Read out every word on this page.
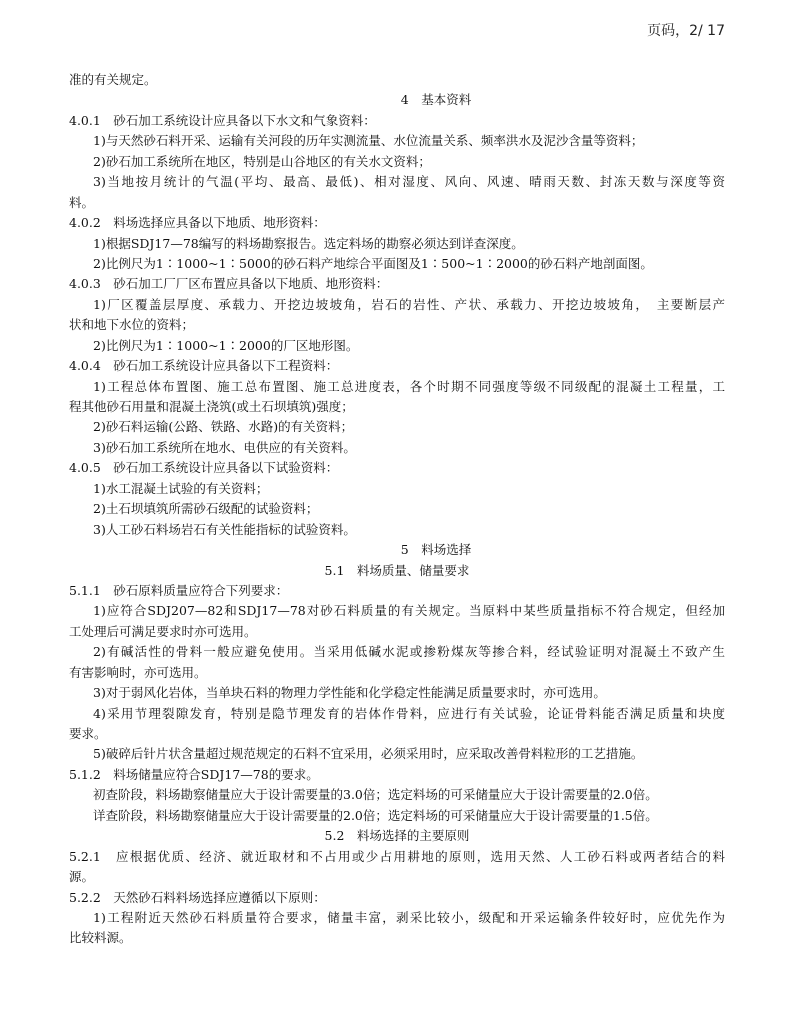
页码，2/ 17
准的有关规定。
4　基本资料
4.0.1　砂石加工系统设计应具备以下水文和气象资料：
1)与天然砂石料开采、运输有关河段的历年实测流量、水位流量关系、频率洪水及泥沙含量等资料；
2)砂石加工系统所在地区，特别是山谷地区的有关水文资料；
3)当地按月统计的气温(平均、最高、最低)、相对湿度、风向、风速、晴雨天数、封冻天数与深度等资
料。
4.0.2　料场选择应具备以下地质、地形资料：
1)根据SDJ17—78编写的料场勘察报告。选定料场的勘察必须达到详查深度。
2)比例尺为1∶1000~1∶5000的砂石料产地综合平面图及1∶500~1∶2000的砂石料产地剖面图。
4.0.3　砂石加工厂厂区布置应具备以下地质、地形资料：
1)厂区覆盖层厚度、承载力、开挖边坡坡角，岩石的岩性、产状、承载力、开挖边坡坡角，　主要断层产
状和地下水位的资料；
2)比例尺为1∶1000~1∶2000的厂区地形图。
4.0.4　砂石加工系统设计应具备以下工程资料：
1)工程总体布置图、施工总布置图、施工总进度表，各个时期不同强度等级不同级配的混凝土工程量，工
程其他砂石用量和混凝土浇筑(或土石坝填筑)强度；
2)砂石料运输(公路、铁路、水路)的有关资料；
3)砂石加工系统所在地水、电供应的有关资料。
4.0.5　砂石加工系统设计应具备以下试验资料：
1)水工混凝土试验的有关资料；
2)土石坝填筑所需砂石级配的试验资料；
3)人工砂石料场岩石有关性能指标的试验资料。
5　料场选择
5.1　料场质量、储量要求
5.1.1　砂石原料质量应符合下列要求：
1)应符合SDJ207—82和SDJ17—78对砂石料质量的有关规定。当原料中某些质量指标不符合规定，但经加
工处理后可满足要求时亦可选用。
2)有碱活性的骨料一般应避免使用。当采用低碱水泥或掺粉煤灰等掺合料，经试验证明对混凝土不致产生
有害影响时，亦可选用。
3)对于弱风化岩体，当单块石料的物理力学性能和化学稳定性能满足质量要求时，亦可选用。
4)采用节理裂隙发育，特别是隐节理发育的岩体作骨料，应进行有关试验，论证骨料能否满足质量和块度
要求。
5)破碎后针片状含量超过规范规定的石料不宜采用，必须采用时，应采取改善骨料粒形的工艺措施。
5.1.2　料场储量应符合SDJ17—78的要求。
初查阶段，料场勘察储量应大于设计需要量的3.0倍；选定料场的可采储量应大于设计需要量的2.0倍。
详查阶段，料场勘察储量应大于设计需要量的2.0倍；选定料场的可采储量应大于设计需要量的1.5倍。
5.2　料场选择的主要原则
5.2.1　应根据优质、经济、就近取材和不占用或少占用耕地的原则，选用天然、人工砂石料或两者结合的料
源。
5.2.2　天然砂石料料场选择应遵循以下原则：
1)工程附近天然砂石料质量符合要求，储量丰富，剥采比较小，级配和开采运输条件较好时，应优先作为
比较料源。
